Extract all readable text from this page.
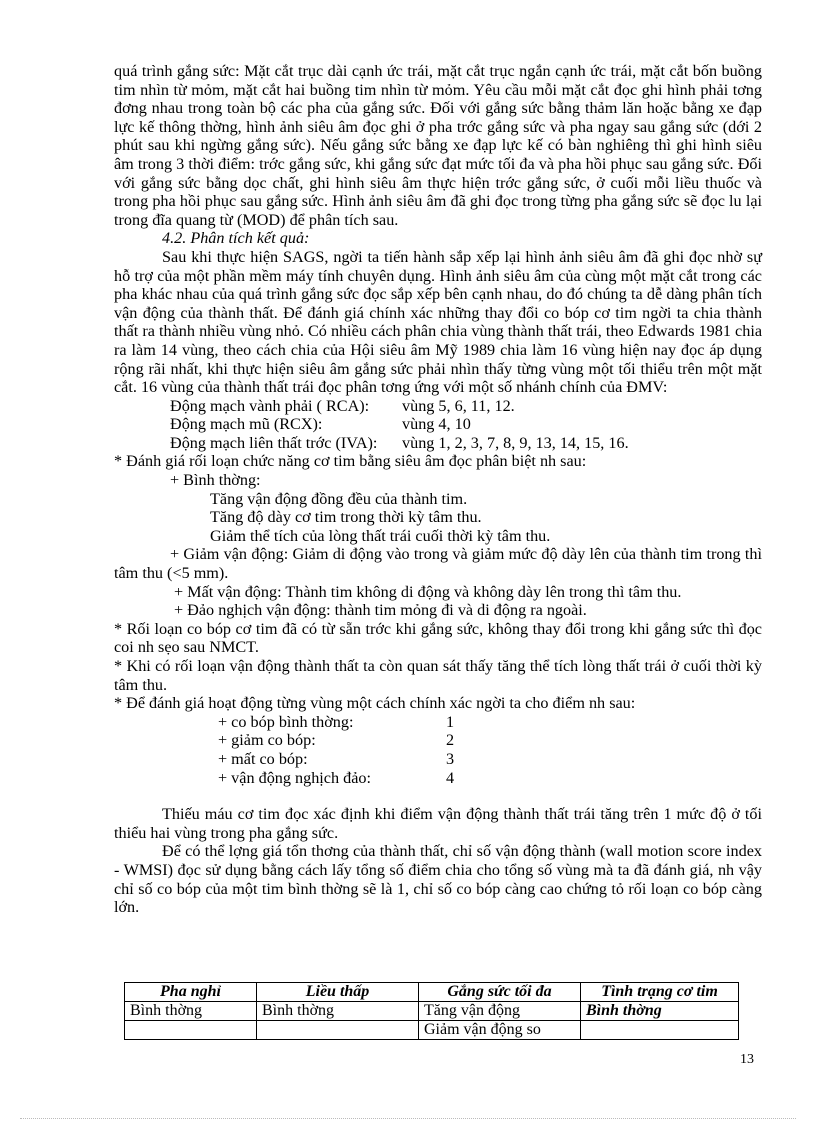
quá trình gắng sức: Mặt cắt trục dài cạnh ức trái, mặt cắt trục ngắn cạnh ức trái, mặt cắt bốn buồng tim nhìn từ mỏm, mặt cắt hai buồng tim nhìn từ mỏm. Yêu cầu mỗi mặt cắt đọc ghi hình phải tơng đơng nhau trong toàn bộ các pha của gắng sức. Đối với gắng sức bằng thảm lăn hoặc bằng xe đạp lực kế thông thờng, hình ảnh siêu âm đọc ghi ở pha trớc gắng sức và pha ngay sau gắng sức (dới 2 phút sau khi ngừng gắng sức). Nếu gắng sức bằng xe đạp lực kế có bàn nghiêng thì ghi hình siêu âm trong 3 thời điểm: trớc gắng sức, khi gắng sức đạt mức tối đa và pha hồi phục sau gắng sức. Đối với gắng sức bằng dọc chất, ghi hình siêu âm thực hiện trớc gắng sức, ở cuối mỗi liều thuốc và trong pha hồi phục sau gắng sức. Hình ảnh siêu âm đã ghi đọc trong từng pha gắng sức sẽ đọc lu lại trong đĩa quang từ (MOD) để phân tích sau.

4.2. Phân tích kết quả:

Sau khi thực hiện SAGS, ngời ta tiến hành sắp xếp lại hình ảnh siêu âm đã ghi đọc nhờ sự hỗ trợ của một phần mềm máy tính chuyên dụng. Hình ảnh siêu âm của cùng một mặt cắt trong các pha khác nhau của quá trình gắng sức đọc sắp xếp bên cạnh nhau, do đó chúng ta dễ dàng phân tích vận động của thành thất. Để đánh giá chính xác những thay đổi co bóp cơ tim ngời ta chia thành thất ra thành nhiều vùng nhỏ. Có nhiều cách phân chia vùng thành thất trái, theo Edwards 1981 chia ra làm 14 vùng, theo cách chia của Hội siêu âm Mỹ 1989 chia làm 16 vùng hiện nay đọc áp dụng rộng rãi nhất, khi thực hiện siêu âm gắng sức phải nhìn thấy từng vùng một tối thiểu trên một mặt cắt. 16 vùng của thành thất trái đọc phân tơng ứng với một số nhánh chính của ĐMV:

Động mạch vành phải ( RCA):	vùng 5, 6, 11, 12.
Động mạch mũ (RCX):	vùng 4, 10
Động mạch liên thất trớc (IVA):	vùng 1, 2, 3, 7, 8, 9, 13, 14, 15, 16.
* Đánh giá rối loạn chức năng cơ tim bằng siêu âm đọc phân biệt nh sau:
+ Bình thờng:
Tăng vận động đồng đều của thành tim.
Tăng độ dày cơ tim trong thời kỳ tâm thu.
Giảm thể tích của lòng thất trái cuối thời kỳ tâm thu.

+ Giảm vận động: Giảm di động vào trong và giảm mức độ dày lên của thành tim trong thì tâm thu (<5 mm).

+ Mất vận động: Thành tim không di động và không dày lên trong thì tâm thu.
+ Đảo nghịch vận động: thành tim mỏng đi và di động ra ngoài.

* Rối loạn co bóp cơ tim đã có từ sẵn trớc khi gắng sức, không thay đổi trong khi gắng sức thì đọc coi nh sẹo sau NMCT.

* Khi có rối loạn vận động thành thất ta còn quan sát thấy tăng thể tích lòng thất trái ở cuối thời kỳ tâm thu.

* Để đánh giá hoạt động từng vùng một cách chính xác ngời ta cho điểm nh sau:
+ co bóp bình thờng:	1
+ giảm co bóp:	2
+ mất co bóp:	3
+ vận động nghịch đảo:	4

Thiếu máu cơ tim đọc xác định khi điểm vận động thành thất trái tăng trên 1 mức độ ở tối thiểu hai vùng trong pha gắng sức.

Để có thể lợng giá tổn thơng của thành thất, chỉ số vận động thành (wall motion score index - WMSI) đọc sử dụng bằng cách lấy tổng số điểm chia cho tổng số vùng mà ta đã đánh giá, nh vậy chỉ số co bóp của một tim bình thờng sẽ là 1, chỉ số co bóp càng cao chứng tỏ rối loạn co bóp càng lớn.

Pha nghỉ	Liều thấp	Gắng sức tối đa	Tình trạng cơ tim
Bình thờng	Bình thờng	Tăng vận động	Bình thờng
		Giảm vận động so	
13
